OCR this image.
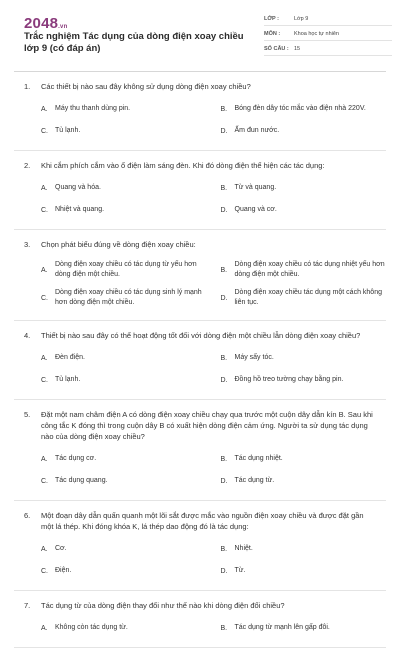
2048.vn
Trắc nghiệm Tác dụng của dòng điện xoay chiều lớp 9 (có đáp án)
LỚP :	Lớp 9
MÔN :	Khoa học tự nhiên
SỐ CÂU : 15
1.	Các thiết bị nào sau đây không sử dụng dòng điện xoay chiều?
A.	Máy thu thanh dùng pin.	B.	Bóng đèn dây tóc mắc vào điện nhà 220V.
C.	Tủ lạnh.	D.	Ấm đun nước.
2.	Khi cắm phích cắm vào ổ điện làm sáng đèn. Khi đó dòng điện thể hiện các tác dụng:
A.	Quang và hóa.	B.	Từ và quang.
C.	Nhiệt và quang.	D.	Quang và cơ.
3.	Chọn phát biểu đúng về dòng điện xoay chiều:
A.
Dòng điện xoay chiều có tác dụng từ yếu hơn dòng điện một chiều.
B.
Dòng điện xoay chiều có tác dụng nhiệt yếu hơn dòng điện một chiều.
C.
Dòng điện xoay chiều có tác dụng sinh lý mạnh hơn dòng điện một chiều.
D.
Dòng điện xoay chiều tác dụng một cách không liên tục.
4.	Thiết bị nào sau đây có thể hoạt động tốt đối với dòng điện một chiều lẫn dòng điện xoay chiều?
A.	Đèn điện.	B.	Máy sấy tóc.
C.	Tủ lạnh.	D.	Đồng hồ treo tường chạy bằng pin.
5.	Đặt một nam châm điện A có dòng điện xoay chiều chạy qua trước một cuộn dây dẫn kín B. Sau khi công tắc K đóng thì trong cuộn dây B có xuất hiện dòng điện cảm ứng. Người ta sử dụng tác dụng nào của dòng điện xoay chiều?
A.	Tác dụng cơ.	B.	Tác dụng nhiệt.
C.	Tác dụng quang.	D.	Tác dụng từ.
6.	Một đoạn dây dẫn quấn quanh một lõi sắt được mắc vào nguồn điện xoay chiều và được đặt gần một lá thép. Khi đóng khóa K, lá thép dao động đó là tác dụng:
A.	Cơ.	B.	Nhiệt.
C.	Điện.	D.	Từ.
7.	Tác dụng từ của dòng điện thay đổi như thế nào khi dòng điện đổi chiều?
A.	Không còn tác dụng từ.	B.	Tác dụng từ mạnh lên gấp đôi.
